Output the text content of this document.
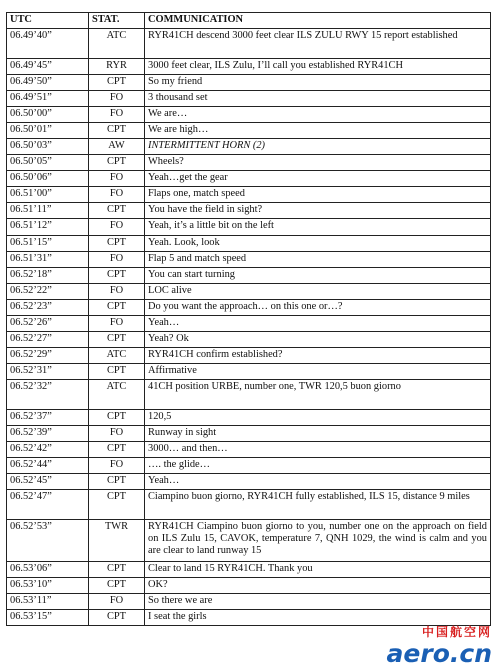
UTC	STAT.	COMMUNICATION
06.49’40”	ATC	RYR41CH descend 3000 feet clear ILS ZULU RWY 15 report established
06.49’45”	RYR	3000 feet clear, ILS Zulu, I’ll call you established RYR41CH
06.49’50”	CPT	So my friend
06.49’51”	FO	3 thousand set
06.50’00”	FO	We are…
06.50’01”	CPT	We are high…
06.50’03”	AW	INTERMITTENT HORN (2)
06.50’05”	CPT	Wheels?
06.50’06”	FO	Yeah…get the gear
06.51’00”	FO	Flaps one, match speed
06.51’11”	CPT	You have the field in sight?
06.51’12”	FO	Yeah, it’s a little bit on the left
06.51’15”	CPT	Yeah. Look, look
06.51’31”	FO	Flap 5 and match speed
06.52’18”	CPT	You can start turning
06.52’22”	FO	LOC alive
06.52’23”	CPT	Do you want the approach… on this one or…?
06.52’26”	FO	Yeah…
06.52’27”	CPT	Yeah? Ok
06.52’29”	ATC	RYR41CH confirm established?
06.52’31”	CPT	Affirmative
06.52’32”	ATC	41CH position URBE, number one, TWR 120,5 buon giorno
06.52’37”	CPT	120,5
06.52’39”	FO	Runway in sight
06.52’42”	CPT	3000… and then…
06.52’44”	FO	…. the glide…
06.52’45”	CPT	Yeah…
06.52’47”	CPT	Ciampino buon giorno, RYR41CH fully established, ILS 15, distance 9 miles
06.52’53”	TWR	RYR41CH Ciampino buon giorno to you, number one on the approach on field on ILS Zulu 15, CAVOK, temperature 7, QNH 1029, the wind is calm and you are clear to land runway 15
06.53’06”	CPT	Clear to land 15 RYR41CH. Thank you
06.53’10”	CPT	OK?
06.53’11”	FO	So there we are
06.53’15”	CPT	I seat the girls
中国航空网
aero.cn
